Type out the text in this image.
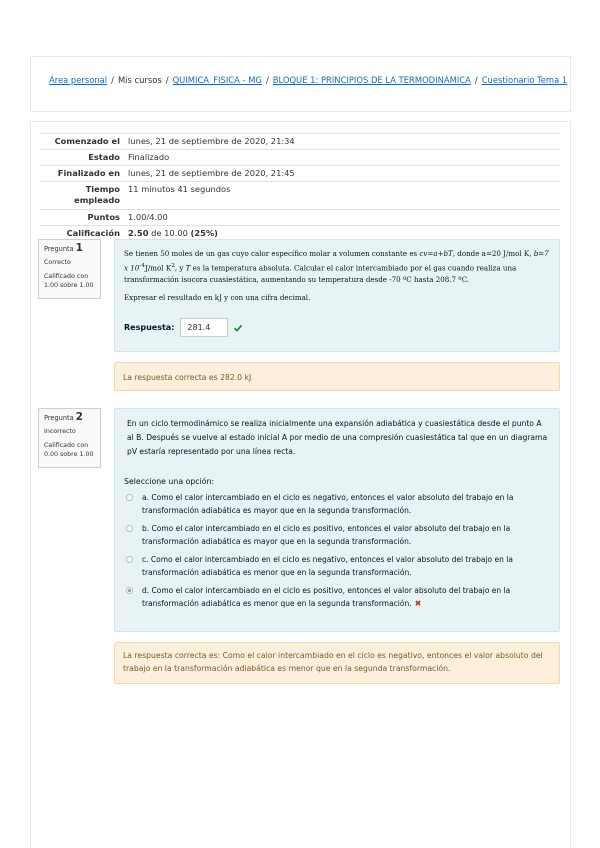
Área personal / Mis cursos / QUIMICA_FISICA - MG / BLOQUE 1: PRINCIPIOS DE LA TERMODINÁMICA / Cuestionario Tema 1
Comenzado el	lunes, 21 de septiembre de 2020, 21:34
Estado	Finalizado
Finalizado en	lunes, 21 de septiembre de 2020, 21:45
Tiempo empleado	11 minutos 41 segundos
Puntos	1.00/4.00
Calificación	2.50 de 10.00 (25%)
Pregunta 1
Correcto
Calificado con 1.00 sobre 1.00
Se tienen 50 moles de un gas cuyo calor específico molar a volumen constante es cv=a+bT, donde a=20 J/mol K, b=7 x $10^{-4}J$/mol $K^2$, y T es la temperatura absoluta. Calcular el calor intercambiado por el gas cuando realiza una transformación isocora cuasiestática, aumentando su temperatura desde -70 ºC hasta 208.7 ºC.
Expresar el resultado en kJ y con una cifra decimal.
Respuesta:	281.4
La respuesta correcta es 282.0 kJ
Pregunta 2
Incorrecto
Calificado con 0.00 sobre 1.00
En un ciclo termodinámico se realiza inicialmente una expansión adiabática y cuasiestática desde el punto A al B. Después se vuelve al estado inicial A por medio de una compresión cuasiestática tal que en un diagrama pV estaría representado por una línea recta.
Seleccione una opción:
a. Como el calor intercambiado en el ciclo es negativo, entonces el valor absoluto del trabajo en la transformación adiabática es mayor que en la segunda transformación.
b. Como el calor intercambiado en el ciclo es positivo, entonces el valor absoluto del trabajo en la transformación adiabática es mayor que en la segunda transformación.
c. Como el calor intercambiado en el ciclo es negativo, entonces el valor absoluto del trabajo en la transformación adiabática es menor que en la segunda transformación.
d. Como el calor intercambiado en el ciclo es positivo, entonces el valor absoluto del trabajo en la transformación adiabática es menor que en la segunda transformación. ✖
La respuesta correcta es: Como el calor intercambiado en el ciclo es negativo, entonces el valor absoluto del trabajo en la transformación adiabática es menor que en la segunda transformación.
